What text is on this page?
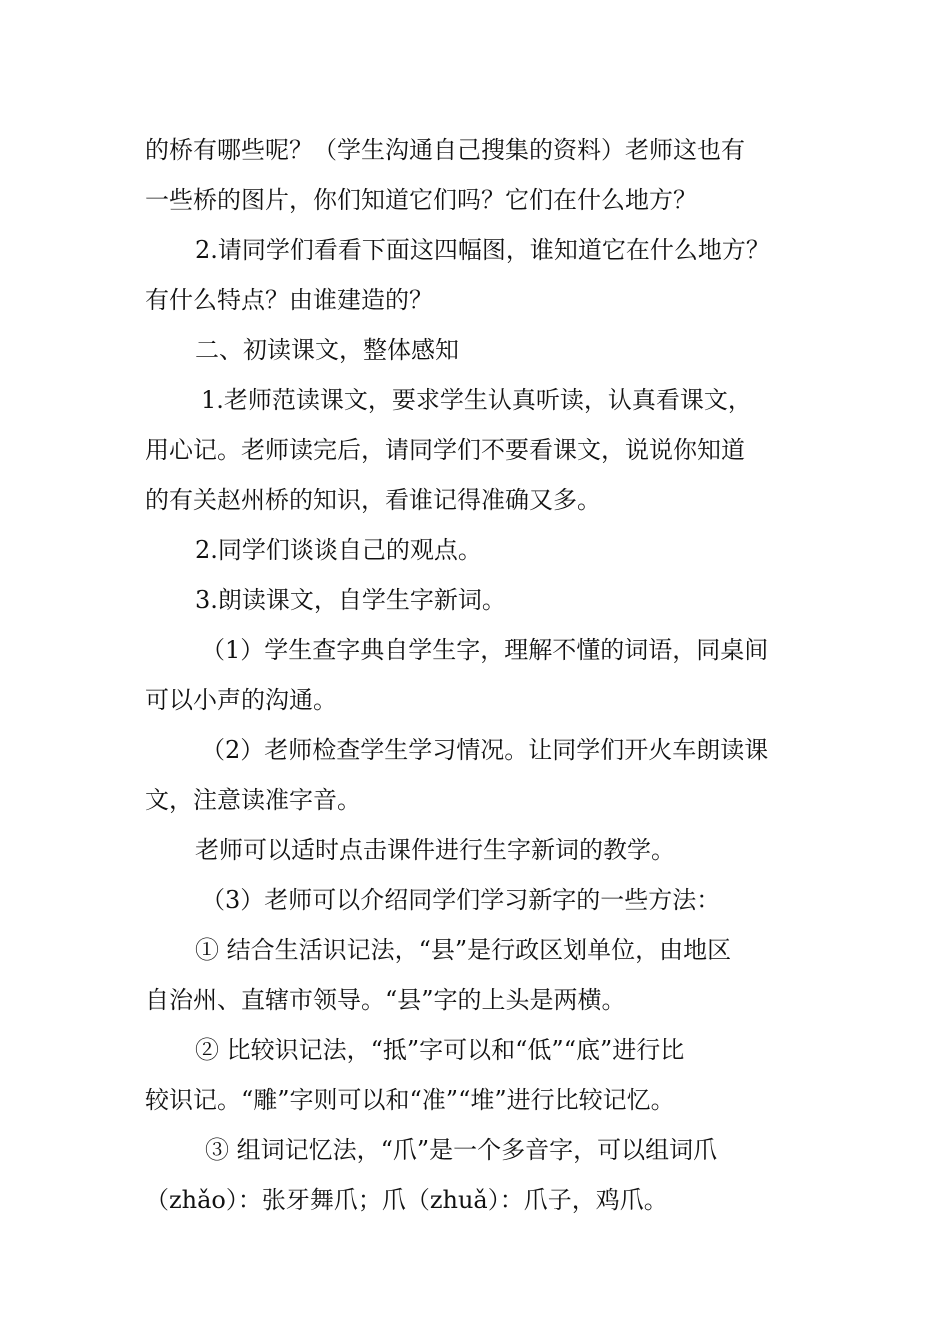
的桥有哪些呢？（学生沟通自己搜集的资料）老师这也有
一些桥的图片，你们知道它们吗？它们在什么地方？
2.请同学们看看下面这四幅图，谁知道它在什么地方？
有什么特点？由谁建造的？
二、初读课文，整体感知
1.老师范读课文，要求学生认真听读，认真看课文，
用心记。老师读完后，请同学们不要看课文，说说你知道
的有关赵州桥的知识，看谁记得准确又多。
2.同学们谈谈自己的观点。
3.朗读课文，自学生字新词。
（1）学生查字典自学生字，理解不懂的词语，同桌间
可以小声的沟通。
（2）老师检查学生学习情况。让同学们开火车朗读课
文，注意读准字音。
老师可以适时点击课件进行生字新词的教学。
（3）老师可以介绍同学们学习新字的一些方法：
① 结合生活识记法，“县”是行政区划单位，由地区
自治州、直辖市领导。“县”字的上头是两横。
② 比较识记法，“抵”字可以和“低”“底”进行比
较识记。“雕”字则可以和“准”“堆”进行比较记忆。
③ 组词记忆法，“爪”是一个多音字，可以组词爪
（zhǎo）：张牙舞爪；爪（zhuǎ）：爪子，鸡爪。
